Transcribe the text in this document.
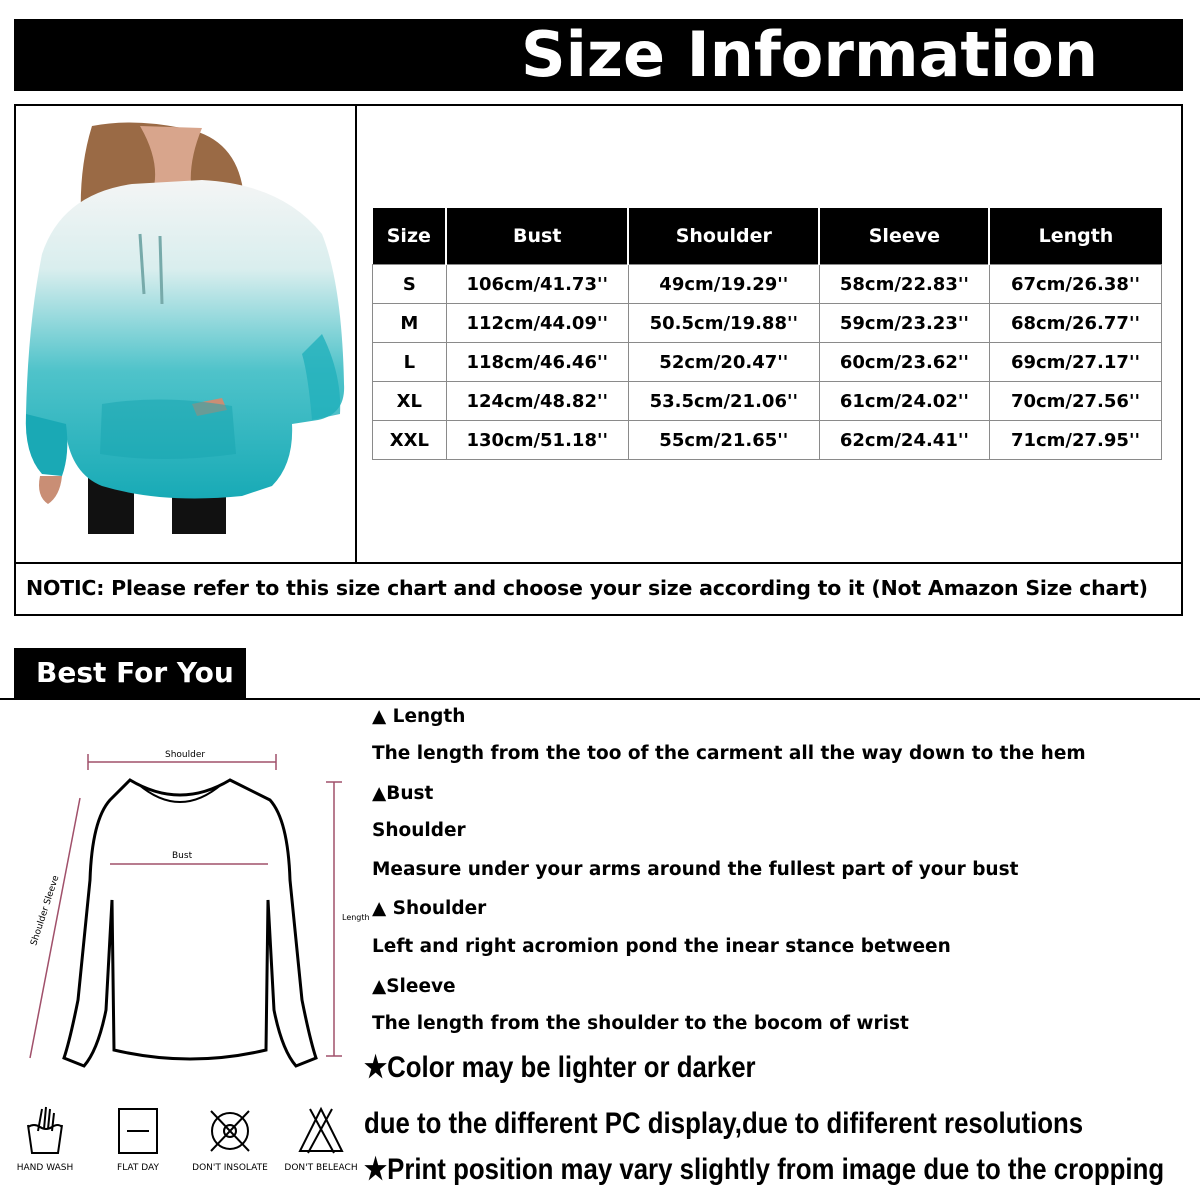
Size Information
Size	Bust	Shoulder	Sleeve	Length
S	106cm/41.73''	49cm/19.29''	58cm/22.83''	67cm/26.38''
M	112cm/44.09''	50.5cm/19.88''	59cm/23.23''	68cm/26.77''
L	118cm/46.46''	52cm/20.47''	60cm/23.62''	69cm/27.17''
XL	124cm/48.82''	53.5cm/21.06''	61cm/24.02''	70cm/27.56''
XXL	130cm/51.18''	55cm/21.65''	62cm/24.41''	71cm/27.95''
NOTIC: Please refer to this size chart and choose your size according to it (Not Amazon Size chart)
Best For You
Shoulder
Bust
Length
Shoulder Sleeve
▲ Length
The length from the too of the carment all the way down to the hem
▲Bust
Shoulder
Measure under your arms around the fullest part of your bust
▲ Shoulder
Left and right acromion pond the inear stance between
▲Sleeve
The length from the shoulder to the bocom of wrist
★Color may be lighter or darker
due to the different PC display,due to dififerent resolutions
★Print position may vary slightly from image due to the cropping
HAND WASH	FLAT DAY	DON'T INSOLATE	DON'T BELEACH
